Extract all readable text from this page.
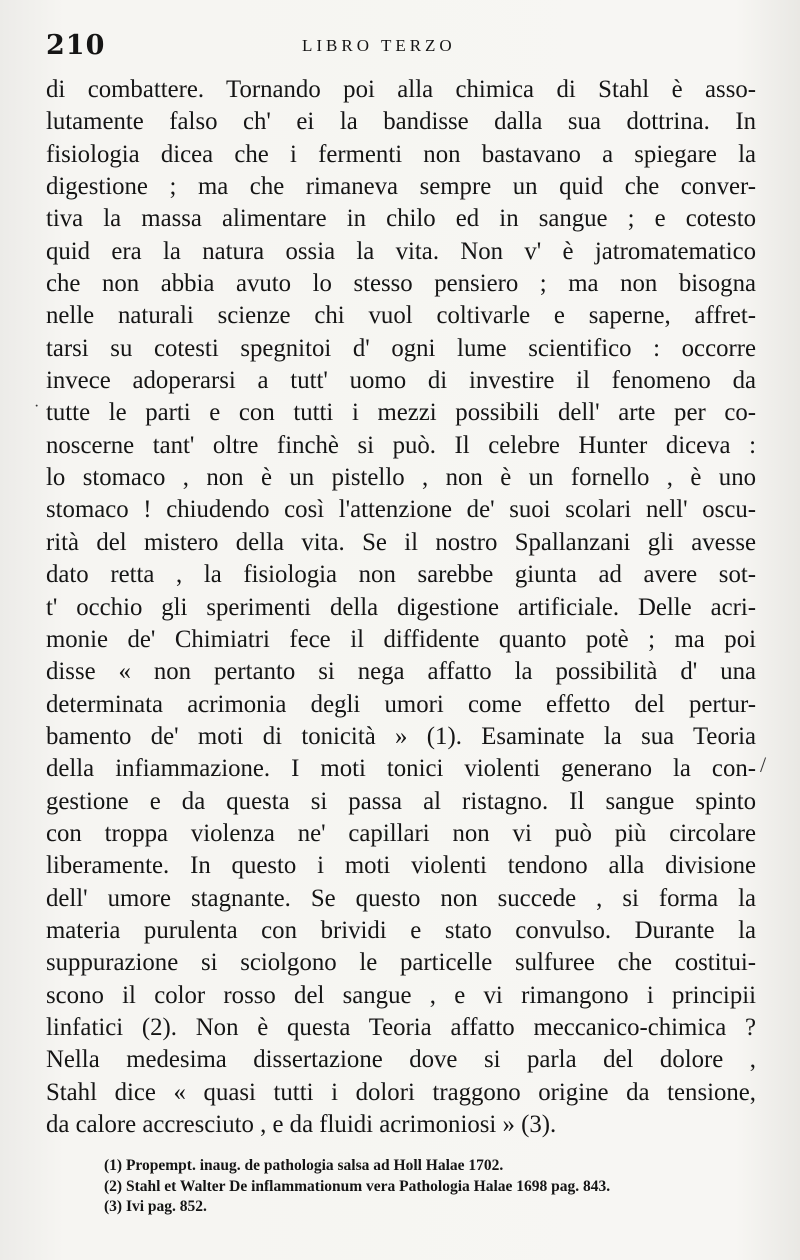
210	LIBRO TERZO
di combattere. Tornando poi alla chimica di Stahl è asso-
lutamente falso ch' ei la bandisse dalla sua dottrina. In
fisiologia dicea che i fermenti non bastavano a spiegare la
digestione ; ma che rimaneva sempre un quid che conver-
tiva la massa alimentare in chilo ed in sangue ; e cotesto
quid era la natura ossia la vita. Non v' è jatromatematico
che non abbia avuto lo stesso pensiero ; ma non bisogna
nelle naturali scienze chi vuol coltivarle e saperne, affret-
tarsi su cotesti spegnitoi d' ogni lume scientifico : occorre
invece adoperarsi a tutt' uomo di investire il fenomeno da
tutte le parti e con tutti i mezzi possibili dell' arte per co-
noscerne tant' oltre finchè si può. Il celebre Hunter diceva :
lo stomaco , non è un pistello , non è un fornello , è uno
stomaco ! chiudendo così l'attenzione de' suoi scolari nell' oscu-
rità del mistero della vita. Se il nostro Spallanzani gli avesse
dato retta , la fisiologia non sarebbe giunta ad avere sot-
t' occhio gli sperimenti della digestione artificiale. Delle acri-
monie de' Chimiatri fece il diffidente quanto potè ; ma poi
disse « non pertanto si nega affatto la possibilità d' una
determinata acrimonia degli umori come effetto del pertur-
bamento de' moti di tonicità » (1). Esaminate la sua Teoria
della infiammazione. I moti tonici violenti generano la con-
gestione e da questa si passa al ristagno. Il sangue spinto
con troppa violenza ne' capillari non vi può più circolare
liberamente. In questo i moti violenti tendono alla divisione
dell' umore stagnante. Se questo non succede , si forma la
materia purulenta con brividi e stato convulso. Durante la
suppurazione si sciolgono le particelle sulfuree che costitui-
scono il color rosso del sangue , e vi rimangono i principii
linfatici (2). Non è questa Teoria affatto meccanico-chimica ?
Nella medesima dissertazione dove si parla del dolore ,
Stahl dice « quasi tutti i dolori traggono origine da tensione,
da calore accresciuto , e da fluidi acrimoniosi » (3).
/
·
(1) Propempt. inaug. de pathologia salsa ad Holl Halae 1702.
(2) Stahl et Walter De inflammationum vera Pathologia Halae 1698 pag. 843.
(3) Ivi pag. 852.
